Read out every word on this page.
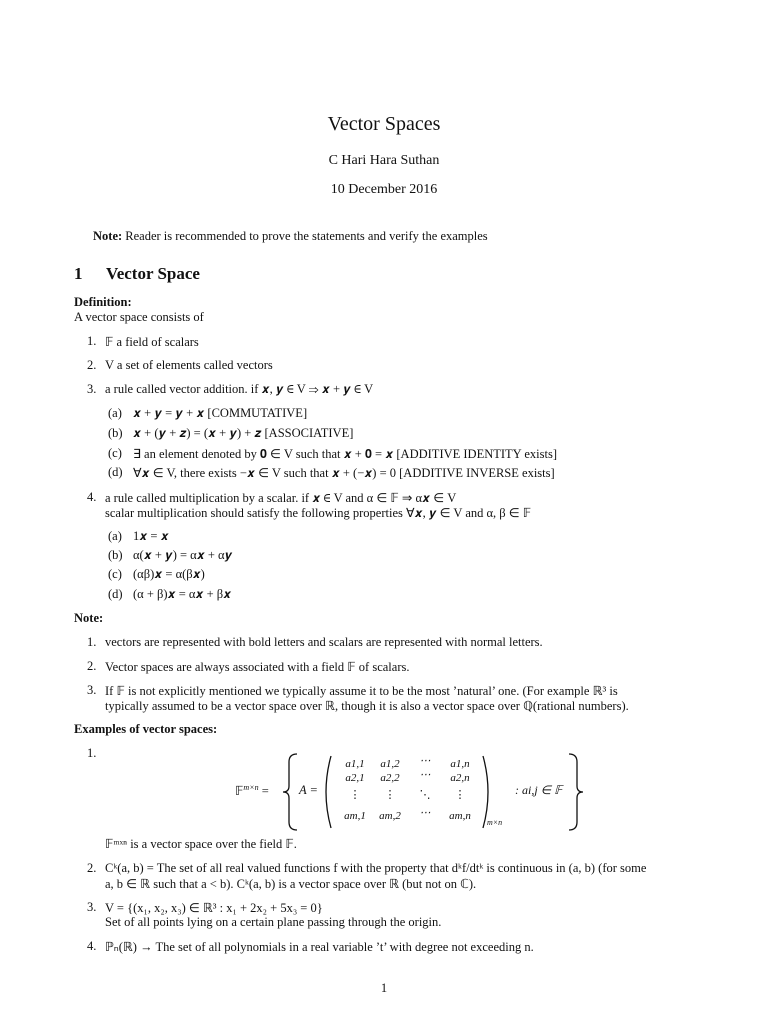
Vector Spaces
C Hari Hara Suthan
10 December 2016
Note: Reader is recommended to prove the statements and verify the examples
1 Vector Space
Definition:
A vector space consists of
1. 𝔽 a field of scalars
2. V a set of elements called vectors
3. a rule called vector addition. if 𝒙, 𝒚 ∈ V ⇒ 𝒙 + 𝒚 ∈ V
(a) 𝒙 + 𝒚 = 𝒚 + 𝒙 [COMMUTATIVE]
(b) 𝒙 + (𝒚 + 𝒛) = (𝒙 + 𝒚) + 𝒛 [ASSOCIATIVE]
(c) ∃ an element denoted by 𝟎 ∈ V such that 𝒙 + 𝟎 = 𝒙 [ADDITIVE IDENTITY exists]
(d) ∀𝒙 ∈ V, there exists −𝒙 ∈ V such that 𝒙 + (−𝒙) = 0 [ADDITIVE INVERSE exists]
4. a rule called multiplication by a scalar. if 𝒙 ∈ V and α ∈ 𝔽 ⇒ α𝒙 ∈ V
scalar multiplication should satisfy the following properties ∀𝒙, 𝒚 ∈ V and α, β ∈ 𝔽
(a) 1𝒙 = 𝒙
(b) α(𝒙 + 𝒚) = α𝒙 + α𝒚
(c) (αβ)𝒙 = α(β𝒙)
(d) (α + β)𝒙 = α𝒙 + β𝒙
Note:
1. vectors are represented with bold letters and scalars are represented with normal letters.
2. Vector spaces are always associated with a field 𝔽 of scalars.
3. If 𝔽 is not explicitly mentioned we typically assume it to be the most ’natural’ one. (For example ℝ³ is
typically assumed to be a vector space over ℝ, though it is also a vector space over ℚ(rational numbers).
Examples of vector spaces:
1.
𝔽$^{m\times n}$ = A =
a1,1	a1,2	⋯	a1,n
a2,1	a2,2	⋯	a2,n
⋮	⋮	⋱	⋮
am,1	am,2	⋯	am,n
m×n
: ai,j ∈ 𝔽
𝔽ᵐˣⁿ is a vector space over the field 𝔽.
2. Cᵏ(a, b) = The set of all real valued functions f with the property that dᵏf/dtᵏ is continuous in (a, b) (for some
a, b ∈ ℝ such that a < b). Cᵏ(a, b) is a vector space over ℝ (but not on ℂ).
3. V = {(x₁, x₂, x₃) ∈ ℝ³ : x₁ + 2x₂ + 5x₃ = 0}
Set of all points lying on a certain plane passing through the origin.
4. ℙₙ(ℝ) → The set of all polynomials in a real variable ’t’ with degree not exceeding n.
1
